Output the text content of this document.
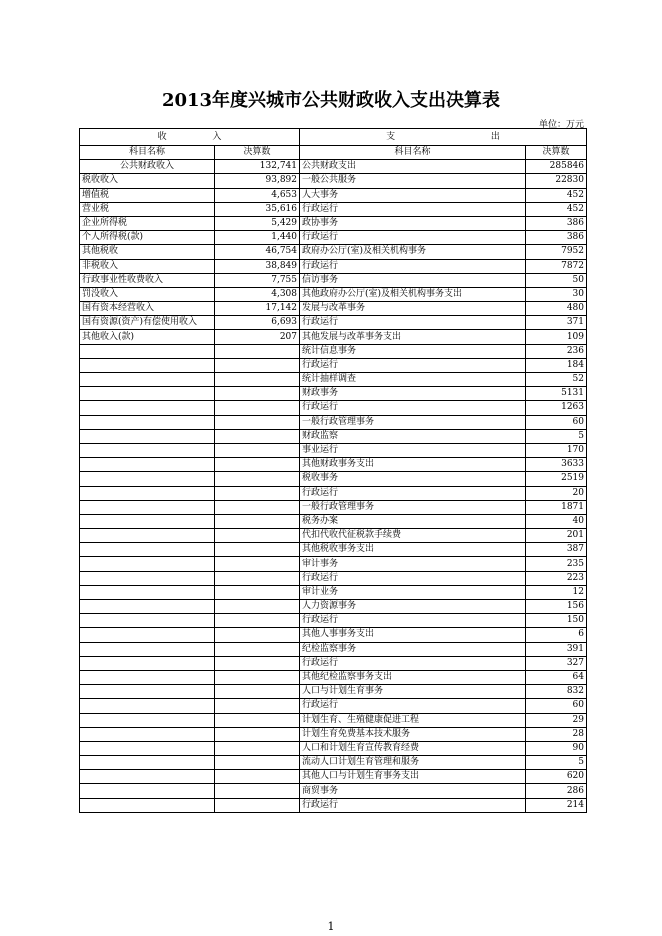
2013年度兴城市公共财政收入支出决算表
单位：万元
收 入		支 出	
科目名称	决算数	科目名称	决算数
公共财政收入	132,741	公共财政支出	285846
税收收入	93,892	一般公共服务	22830
增值税	4,653	人大事务	452
营业税	35,616	行政运行	452
企业所得税	5,429	政协事务	386
个人所得税(款)	1,440	行政运行	386
其他税收	46,754	政府办公厅(室)及相关机构事务	7952
非税收入	38,849	行政运行	7872
行政事业性收费收入	7,755	信访事务	50
罚没收入	4,308	其他政府办公厅(室)及相关机构事务支出	30
国有资本经营收入	17,142	发展与改革事务	480
国有资源(资产)有偿使用收入	6,693	行政运行	371
其他收入(款)	207	其他发展与改革事务支出	109
		统计信息事务	236
		行政运行	184
		统计抽样调查	52
		财政事务	5131
		行政运行	1263
		一般行政管理事务	60
		财政监察	5
		事业运行	170
		其他财政事务支出	3633
		税收事务	2519
		行政运行	20
		一般行政管理事务	1871
		税务办案	40
		代扣代收代征税款手续费	201
		其他税收事务支出	387
		审计事务	235
		行政运行	223
		审计业务	12
		人力资源事务	156
		行政运行	150
		其他人事事务支出	6
		纪检监察事务	391
		行政运行	327
		其他纪检监察事务支出	64
		人口与计划生育事务	832
		行政运行	60
		计划生育、生殖健康促进工程	29
		计划生育免费基本技术服务	28
		人口和计划生育宣传教育经费	90
		流动人口计划生育管理和服务	5
		其他人口与计划生育事务支出	620
		商贸事务	286
		行政运行	214
1
